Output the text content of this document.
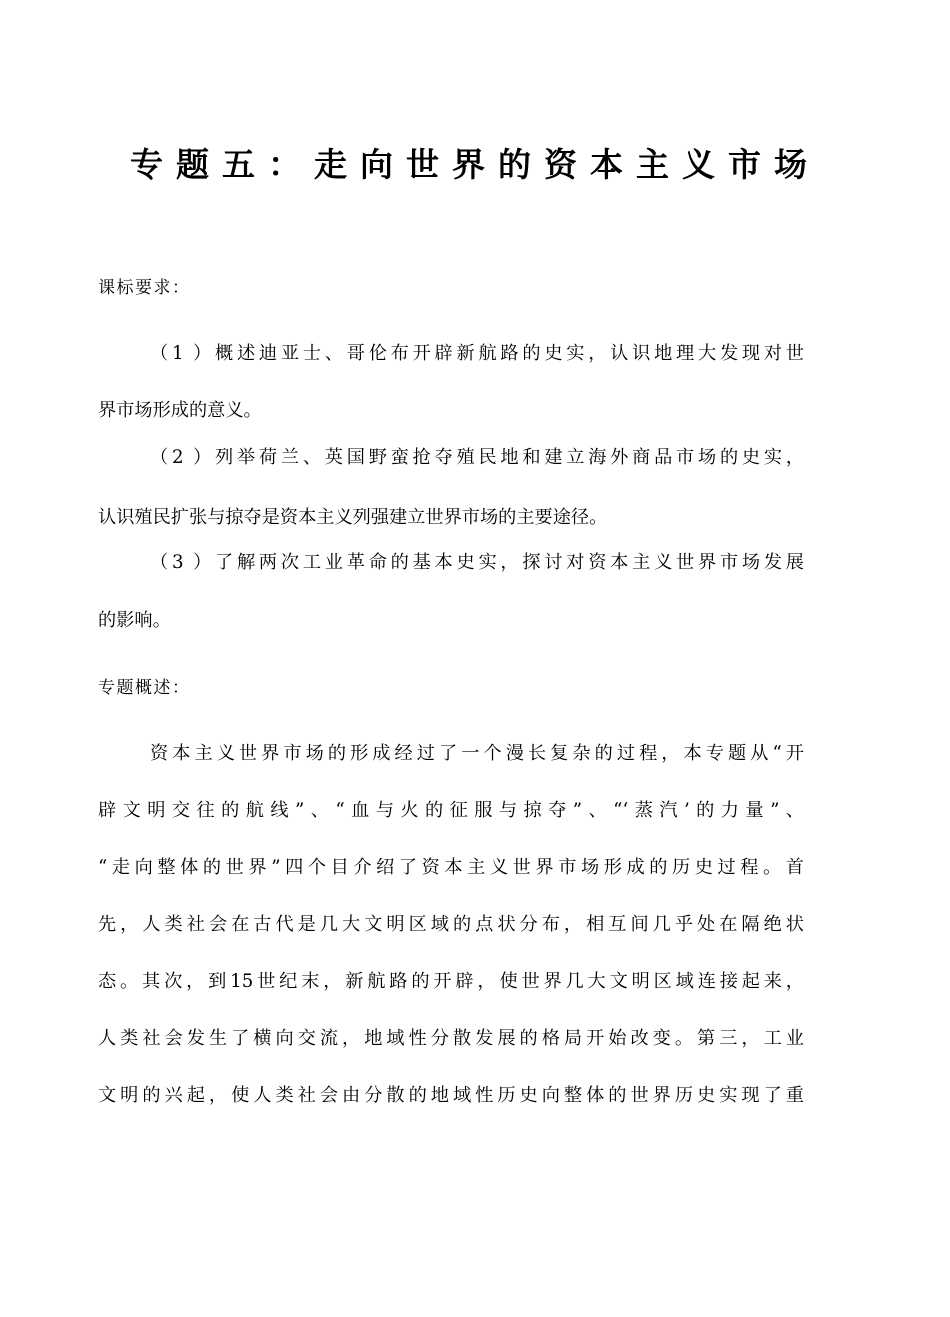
专题五：走向世界的资本主义市场
课标要求：
（1 ）概述迪亚士、哥伦布开辟新航路的史实，认识地理大发现对世
界市场形成的意义。
（2 ）列举荷兰、英国野蛮抢夺殖民地和建立海外商品市场的史实，
认识殖民扩张与掠夺是资本主义列强建立世界市场的主要途径。
（3 ）了解两次工业革命的基本史实，探讨对资本主义世界市场发展
的影响。
专题概述：
资本主义世界市场的形成经过了一个漫长复杂的过程，本专题从“开
辟文明交往的航线”、“血与火的征服与掠夺”、“‘蒸汽’的力量”、
“走向整体的世界”四个目介绍了资本主义世界市场形成的历史过程。首
先，人类社会在古代是几大文明区域的点状分布，相互间几乎处在隔绝状
态。其次，到15世纪末，新航路的开辟，使世界几大文明区域连接起来，
人类社会发生了横向交流，地域性分散发展的格局开始改变。第三，工业
文明的兴起，使人类社会由分散的地域性历史向整体的世界历史实现了重
